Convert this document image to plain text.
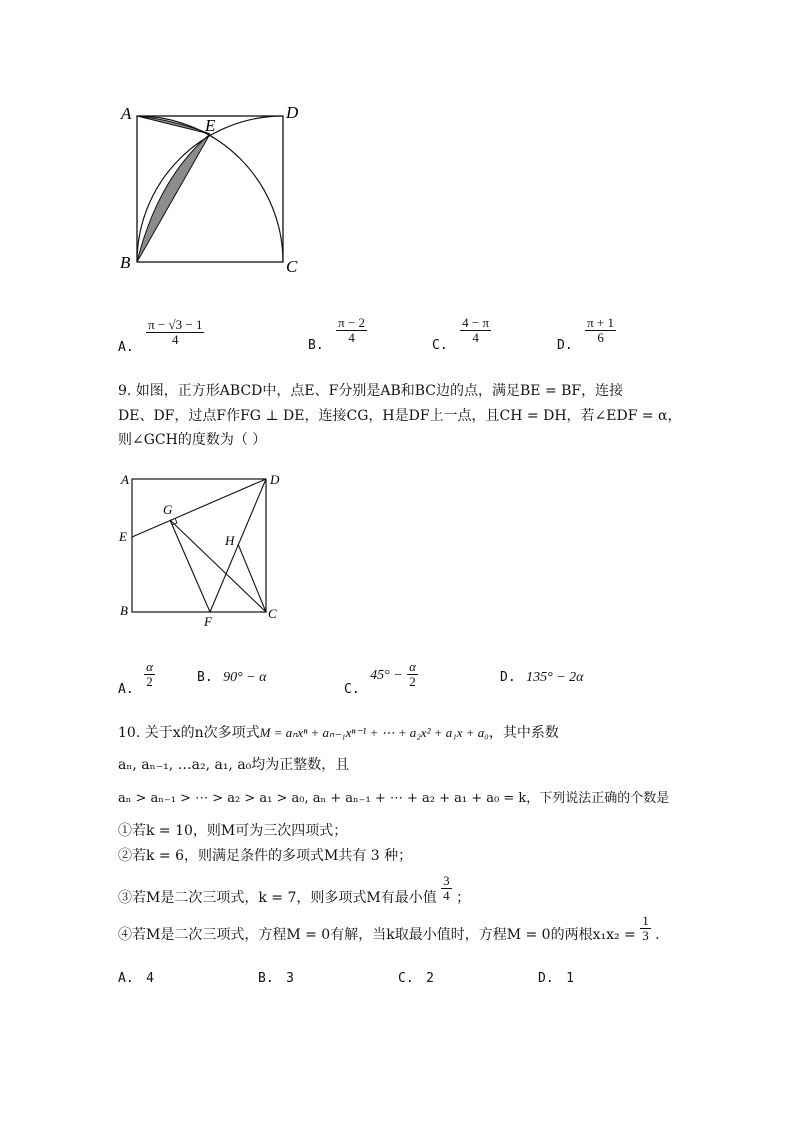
A	D
E
B	C
A. $\frac{\pi - √3 - 1}{4}$	B. $\frac{\pi - 2}{4}$	C. $\frac{4 - \pi}{4}$	D. $\frac{\pi + 1}{6}$
9. 如图，正方形ABCD中，点E、F分别是AB和BC边的点，满足BE = BF，连接
DE、DF，过点F作FG ⊥ DE，连接CG，H是DF上一点，且CH = DH，若∠EDF = α，
则∠GCH的度数为（ ）
A	D
G
E	H
B
F
C
A. $\frac{\alpha}{2}$	B. 90° − α
C. $45^\circ - \frac{\alpha}{2}$	D. 135° − 2α
10. 关于x的n次多项式M = aₙxⁿ + aₙ₋₁xⁿ⁻¹ + ⋯ + a₂x² + a₁x + a₀，其中系数
aₙ, aₙ₋₁, …a₂, a₁, a₀均为正整数，且
aₙ > aₙ₋₁ > ⋯ > a₂ > a₁ > a₀, aₙ + aₙ₋₁ + ⋯ + a₂ + a₁ + a₀ = k，下列说法正确的个数是
①若k = 10，则M可为三次四项式；
②若k = 6，则满足条件的多项式M共有 3 种；
③若M是二次三项式，k = 7，则多项式M有最小值 $\frac{3}{4}$ ；
④若M是二次三项式，方程M = 0有解，当k取最小值时，方程M = 0的两根$x_1x_2 = \frac{1}{3}$ .
A. 4	B. 3	C. 2	D. 1
